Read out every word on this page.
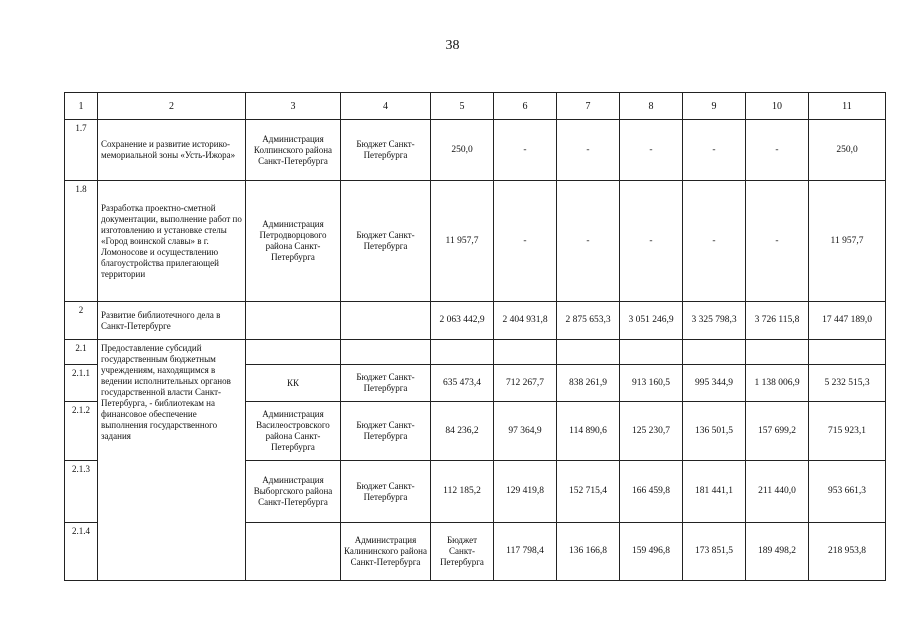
38
1	2	3	4	5	6	7	8	9	10	11	
1.7	Сохранение и развитие историко-мемориальной зоны «Усть-Ижора»	Администрация Колпинского района Санкт-Петербурга	Бюджет Санкт-Петербурга	250,0	-	-	-	-	-	250,0	
1.8	Разработка проектно-сметной документации, выполнение работ по изготовлению и установке стелы «Город воинской славы» в г. Ломоносове и осуществлению благоустройства прилегающей территории	Администрация Петродворцового района Санкт-Петербурга	Бюджет Санкт-Петербурга	11 957,7	-	-	-	-	-	11 957,7	
2	Развитие библиотечного дела в Санкт-Петербурге			2 063 442,9	2 404 931,8	2 875 653,3	3 051 246,9	3 325 798,3	3 726 115,8	17 447 189,0	
2.1	Предоставление субсидий государственным бюджетным учреждениям, находящимся в ведении исполнительных органов государственной власти Санкт-Петербурга, - библиотекам на финансовое обеспечение выполнения государственного задания										
2.1.1		КК	Бюджет Санкт-Петербурга	635 473,4	712 267,7	838 261,9	913 160,5	995 344,9	1 138 006,9	5 232 515,3	
2.1.2		Администрация Василеостровского района Санкт-Петербурга	Бюджет Санкт-Петербурга	84 236,2	97 364,9	114 890,6	125 230,7	136 501,5	157 699,2	715 923,1	
2.1.3		Администрация Выборгского района Санкт-Петербурга	Бюджет Санкт-Петербурга	112 185,2	129 419,8	152 715,4	166 459,8	181 441,1	211 440,0	953 661,3	
2.1.4			Администрация Калининского района Санкт-Петербурга	Бюджет Санкт-Петербурга	117 798,4	136 166,8	159 496,8	173 851,5	189 498,2	218 953,8	
